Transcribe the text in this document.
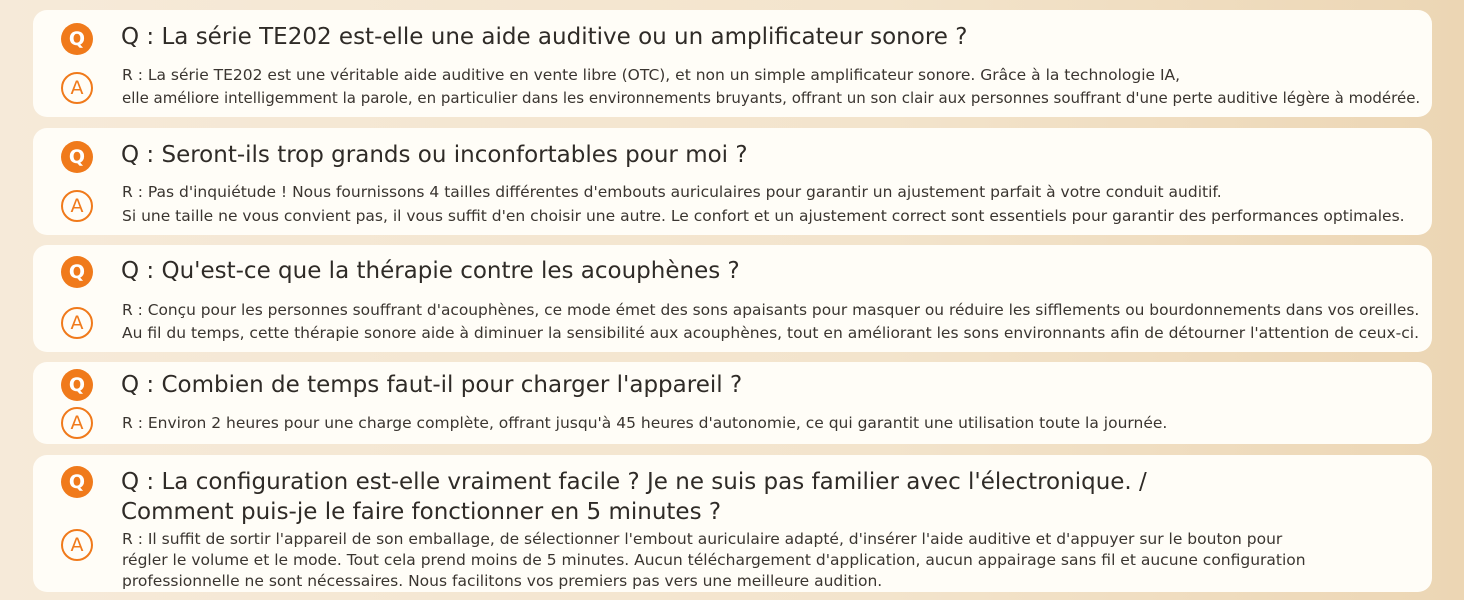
Q	Q : La série TE202 est-elle une aide auditive ou un amplificateur sonore ?
A
R : La série TE202 est une véritable aide auditive en vente libre (OTC), et non un simple amplificateur sonore. Grâce à la technologie IA,
elle améliore intelligemment la parole, en particulier dans les environnements bruyants, offrant un son clair aux personnes souffrant d'une perte auditive légère à modérée.
Q	Q : Seront-ils trop grands ou inconfortables pour moi ?
A
R : Pas d'inquiétude ! Nous fournissons 4 tailles différentes d'embouts auriculaires pour garantir un ajustement parfait à votre conduit auditif.
Si une taille ne vous convient pas, il vous suffit d'en choisir une autre. Le confort et un ajustement correct sont essentiels pour garantir des performances optimales.
Q	Q : Qu'est-ce que la thérapie contre les acouphènes ?
A
R : Conçu pour les personnes souffrant d'acouphènes, ce mode émet des sons apaisants pour masquer ou réduire les sifflements ou bourdonnements dans vos oreilles.
Au fil du temps, cette thérapie sonore aide à diminuer la sensibilité aux acouphènes, tout en améliorant les sons environnants afin de détourner l'attention de ceux-ci.
Q	Q : Combien de temps faut-il pour charger l'appareil ?
A	R : Environ 2 heures pour une charge complète, offrant jusqu'à 45 heures d'autonomie, ce qui garantit une utilisation toute la journée.
Q	Q : La configuration est-elle vraiment facile ? Je ne suis pas familier avec l'électronique. /
Comment puis-je le faire fonctionner en 5 minutes ?
A	R : Il suffit de sortir l'appareil de son emballage, de sélectionner l'embout auriculaire adapté, d'insérer l'aide auditive et d'appuyer sur le bouton pour
régler le volume et le mode. Tout cela prend moins de 5 minutes. Aucun téléchargement d'application, aucun appairage sans fil et aucune configuration
professionnelle ne sont nécessaires. Nous facilitons vos premiers pas vers une meilleure audition.
